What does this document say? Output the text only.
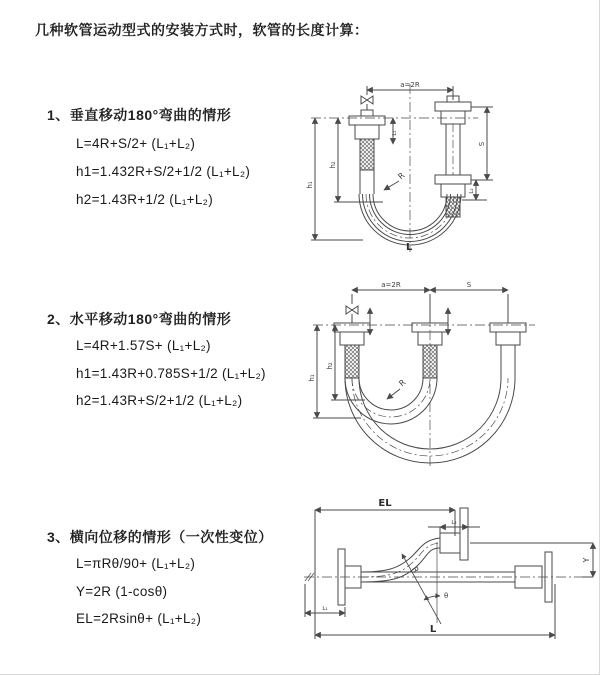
几种软管运动型式的安装方式时，软管的长度计算：
1、垂直移动180°弯曲的情形
L=4R+S/2+ (L₁+L₂)
h1=1.432R+S/2+1/2 (L₁+L₂)
h2=1.43R+1/2 (L₁+L₂)
2、水平移动180°弯曲的情形
L=4R+1.57S+ (L₁+L₂)
h1=1.43R+0.785S+1/2 (L₁+L₂)
h2=1.43R+S/2+1/2 (L₁+L₂)
3、横向位移的情形（一次性变位）
L=πRθ/90+ (L₁+L₂)
Y=2R (1-cosθ)
EL=2Rsinθ+ (L₁+L₂)
a=2R
h₁
h₂
L₁
S
L₂
R
L
a=2R	S
h₁
h₂
R
EL
L₁
L₂
Y
L
R
θ
